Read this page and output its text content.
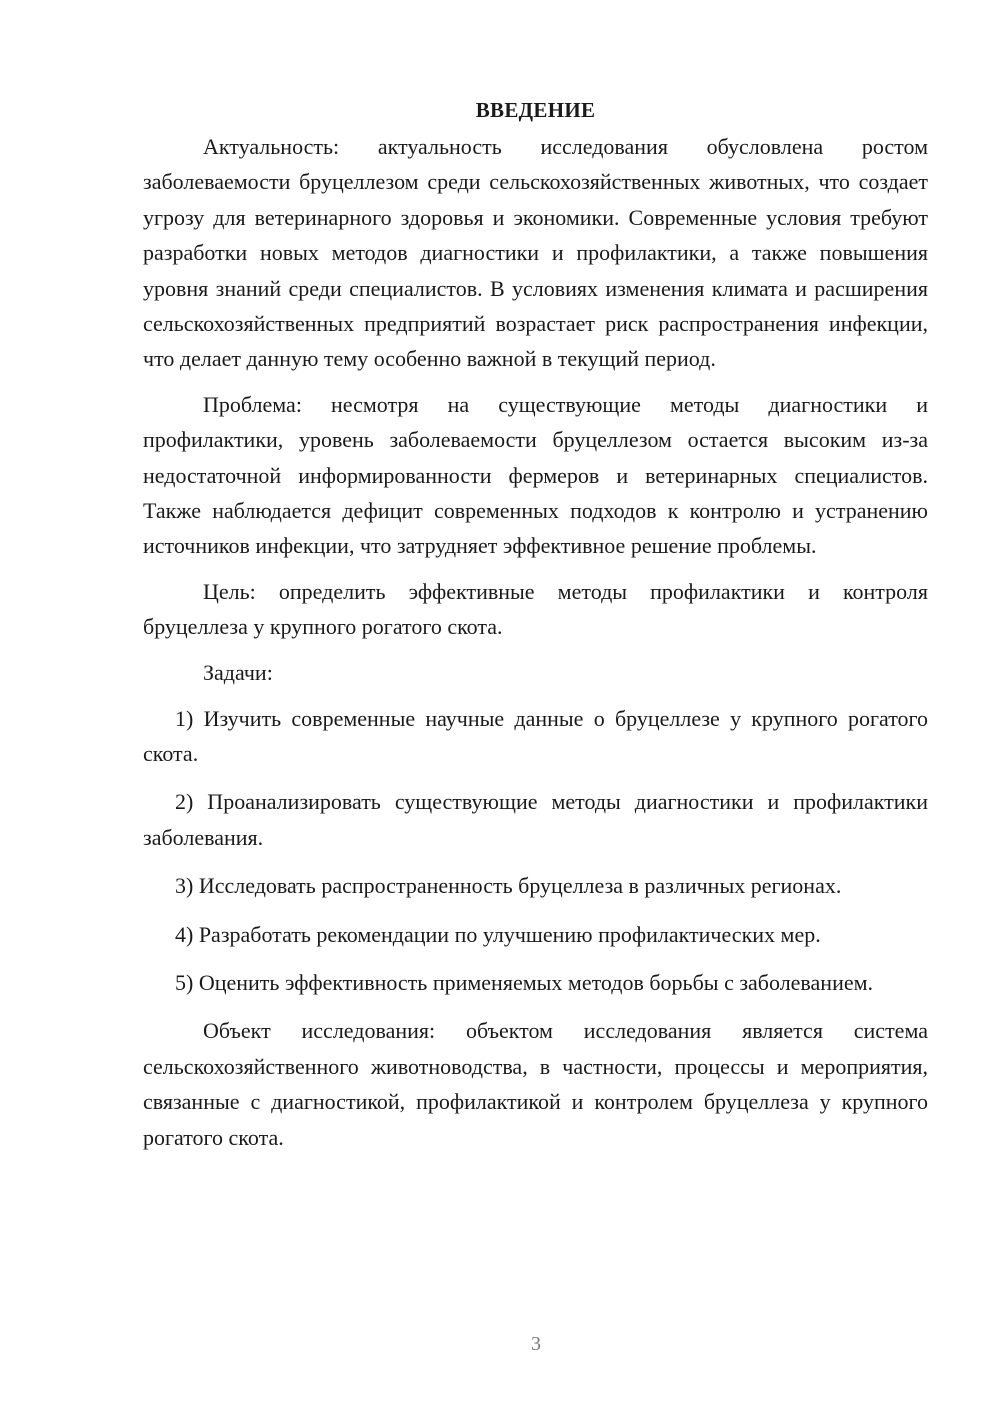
ВВЕДЕНИЕ

Актуальность: актуальность исследования обусловлена ростом заболеваемости бруцеллезом среди сельскохозяйственных животных, что создает угрозу для ветеринарного здоровья и экономики. Современные условия требуют разработки новых методов диагностики и профилактики, а также повышения уровня знаний среди специалистов. В условиях изменения климата и расширения сельскохозяйственных предприятий возрастает риск распространения инфекции, что делает данную тему особенно важной в текущий период.

Проблема: несмотря на существующие методы диагностики и профилактики, уровень заболеваемости бруцеллезом остается высоким из-за недостаточной информированности фермеров и ветеринарных специалистов. Также наблюдается дефицит современных подходов к контролю и устранению источников инфекции, что затрудняет эффективное решение проблемы.

Цель: определить эффективные методы профилактики и контроля бруцеллеза у крупного рогатого скота.

Задачи:

1) Изучить современные научные данные о бруцеллезе у крупного рогатого скота.

2) Проанализировать существующие методы диагностики и профилактики заболевания.

3) Исследовать распространенность бруцеллеза в различных регионах.

4) Разработать рекомендации по улучшению профилактических мер.

5) Оценить эффективность применяемых методов борьбы с заболеванием.

Объект исследования: объектом исследования является система сельскохозяйственного животноводства, в частности, процессы и мероприятия, связанные с диагностикой, профилактикой и контролем бруцеллеза у крупного рогатого скота.

3
